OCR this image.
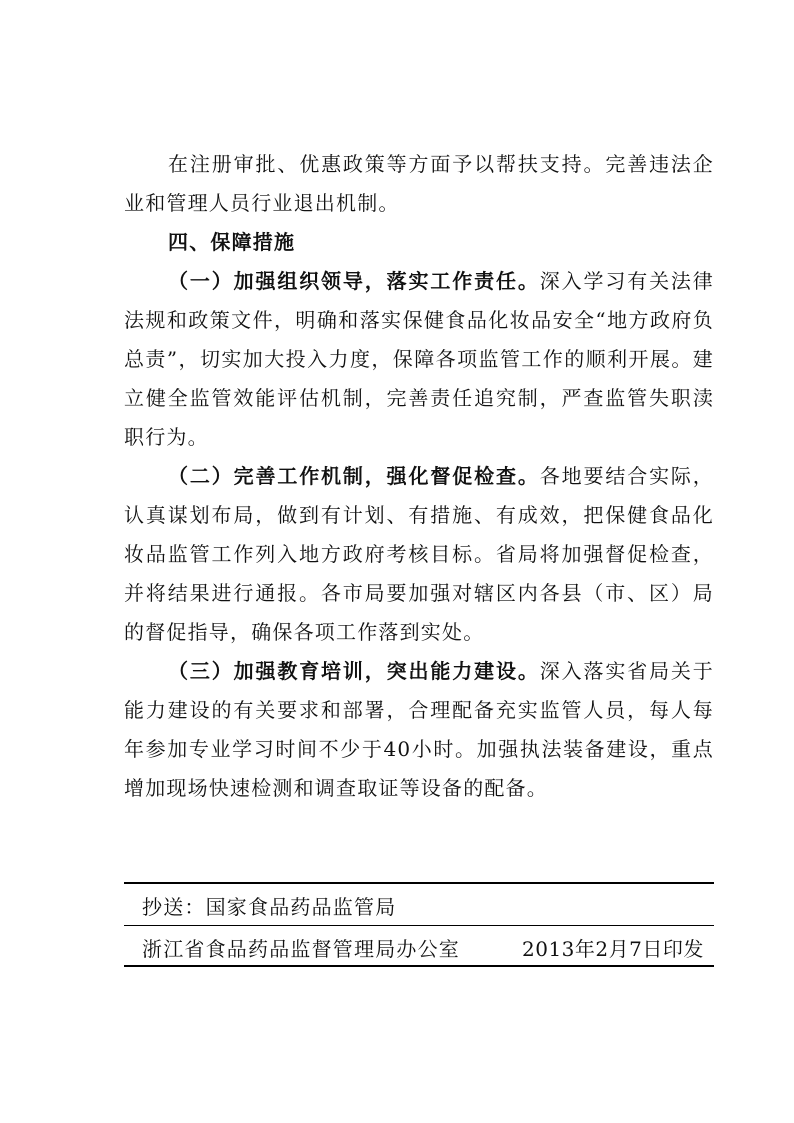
在注册审批、优惠政策等方面予以帮扶支持。完善违法企业和管理人员行业退出机制。

四、保障措施

（一）加强组织领导，落实工作责任。深入学习有关法律法规和政策文件，明确和落实保健食品化妆品安全“地方政府负总责”，切实加大投入力度，保障各项监管工作的顺利开展。建立健全监管效能评估机制，完善责任追究制，严查监管失职渎职行为。

（二）完善工作机制，强化督促检查。各地要结合实际，认真谋划布局，做到有计划、有措施、有成效，把保健食品化妆品监管工作列入地方政府考核目标。省局将加强督促检查，并将结果进行通报。各市局要加强对辖区内各县（市、区）局的督促指导，确保各项工作落到实处。

（三）加强教育培训，突出能力建设。深入落实省局关于能力建设的有关要求和部署，合理配备充实监管人员，每人每年参加专业学习时间不少于40小时。加强执法装备建设，重点增加现场快速检测和调查取证等设备的配备。

抄送：国家食品药品监管局
浙江省食品药品监督管理局办公室	2013年2月7日印发
